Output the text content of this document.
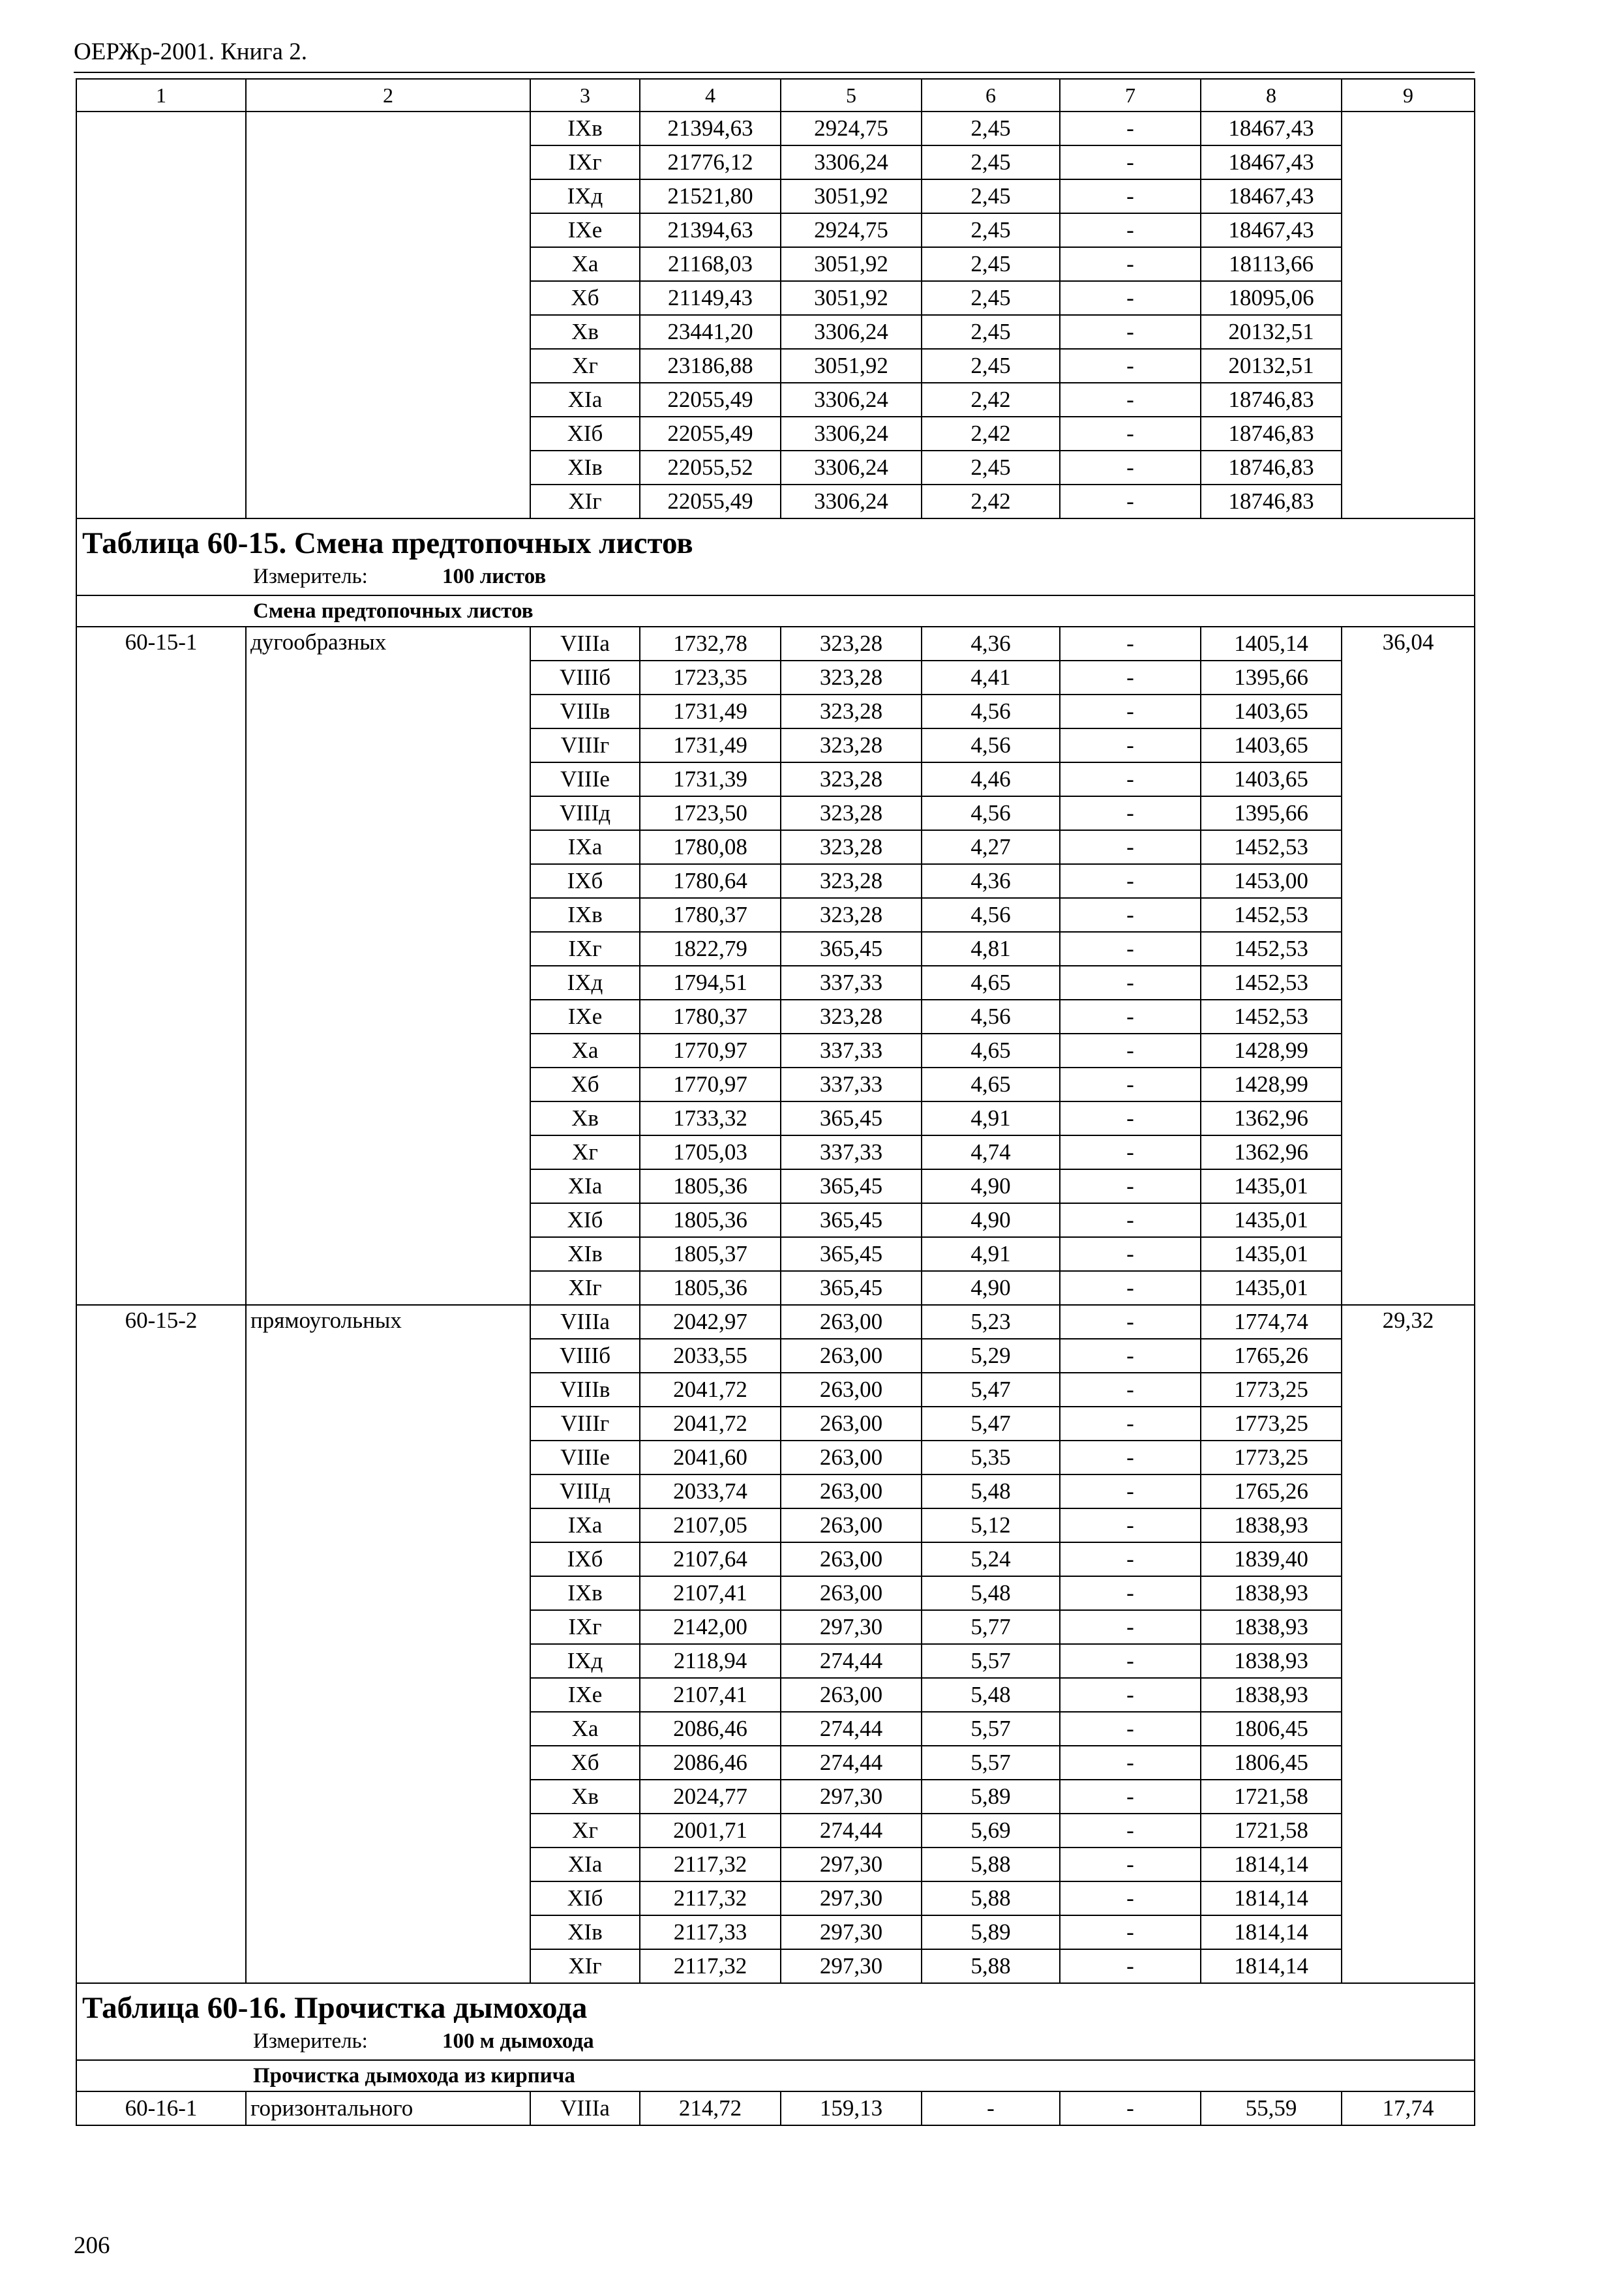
ОЕРЖр-2001. Книга 2.
1	2	3	4	5	6	7	8	9
		IXв	21394,63	2924,75	2,45	-	18467,43	
		IXг	21776,12	3306,24	2,45	-	18467,43	
		IXд	21521,80	3051,92	2,45	-	18467,43	
		IXе	21394,63	2924,75	2,45	-	18467,43	
		Xа	21168,03	3051,92	2,45	-	18113,66	
		Xб	21149,43	3051,92	2,45	-	18095,06	
		Xв	23441,20	3306,24	2,45	-	20132,51	
		Xг	23186,88	3051,92	2,45	-	20132,51	
		XIа	22055,49	3306,24	2,42	-	18746,83	
		XIб	22055,49	3306,24	2,42	-	18746,83	
		XIв	22055,52	3306,24	2,45	-	18746,83	
		XIг	22055,49	3306,24	2,42	-	18746,83	

Таблица 60-15. Смена предтопочных листов
Измеритель: 100 листов								

Смена предтопочных листов								
60-15-1	дугообразных	VIIIа	1732,78	323,28	4,36	-	1405,14	36,04
		VIIIб	1723,35	323,28	4,41	-	1395,66	
		VIIIв	1731,49	323,28	4,56	-	1403,65	
		VIIIг	1731,49	323,28	4,56	-	1403,65	
		VIIIе	1731,39	323,28	4,46	-	1403,65	
		VIIIд	1723,50	323,28	4,56	-	1395,66	
		IXа	1780,08	323,28	4,27	-	1452,53	
		IXб	1780,64	323,28	4,36	-	1453,00	
		IXв	1780,37	323,28	4,56	-	1452,53	
		IXг	1822,79	365,45	4,81	-	1452,53	
		IXд	1794,51	337,33	4,65	-	1452,53	
		IXе	1780,37	323,28	4,56	-	1452,53	
		Xа	1770,97	337,33	4,65	-	1428,99	
		Xб	1770,97	337,33	4,65	-	1428,99	
		Xв	1733,32	365,45	4,91	-	1362,96	
		Xг	1705,03	337,33	4,74	-	1362,96	
		XIа	1805,36	365,45	4,90	-	1435,01	
		XIб	1805,36	365,45	4,90	-	1435,01	
		XIв	1805,37	365,45	4,91	-	1435,01	
		XIг	1805,36	365,45	4,90	-	1435,01	
60-15-2	прямоугольных	VIIIа	2042,97	263,00	5,23	-	1774,74	29,32
		VIIIб	2033,55	263,00	5,29	-	1765,26	
		VIIIв	2041,72	263,00	5,47	-	1773,25	
		VIIIг	2041,72	263,00	5,47	-	1773,25	
		VIIIе	2041,60	263,00	5,35	-	1773,25	
		VIIIд	2033,74	263,00	5,48	-	1765,26	
		IXа	2107,05	263,00	5,12	-	1838,93	
		IXб	2107,64	263,00	5,24	-	1839,40	
		IXв	2107,41	263,00	5,48	-	1838,93	
		IXг	2142,00	297,30	5,77	-	1838,93	
		IXд	2118,94	274,44	5,57	-	1838,93	
		IXе	2107,41	263,00	5,48	-	1838,93	
		Xа	2086,46	274,44	5,57	-	1806,45	
		Xб	2086,46	274,44	5,57	-	1806,45	
		Xв	2024,77	297,30	5,89	-	1721,58	
		Xг	2001,71	274,44	5,69	-	1721,58	
		XIа	2117,32	297,30	5,88	-	1814,14	
		XIб	2117,32	297,30	5,88	-	1814,14	
		XIв	2117,33	297,30	5,89	-	1814,14	
		XIг	2117,32	297,30	5,88	-	1814,14	

Таблица 60-16. Прочистка дымохода
Измеритель: 100 м дымохода								

Прочистка дымохода из кирпича								
60-16-1	горизонтального	VIIIа	214,72	159,13	-	-	55,59	17,74
206
